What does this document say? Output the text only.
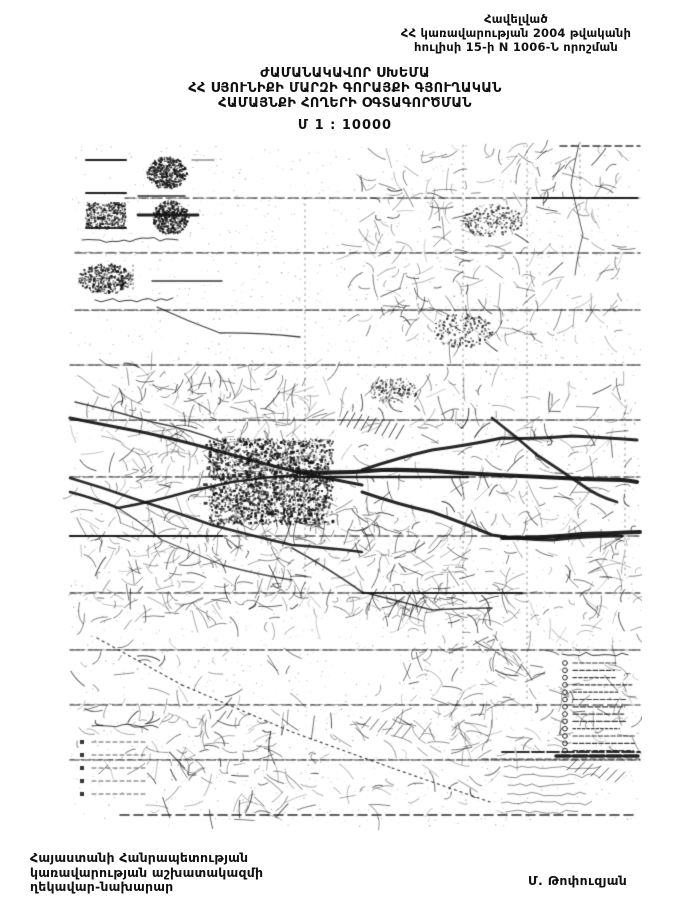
Հավելված
ՀՀ կառավարության 2004 թվականի
հուլիսի 15-ի N 1006-Ն որոշման
ԺԱՄԱՆԱԿԱՎՈՐ ՍԽԵՄԱ
ՀՀ ՍՅՈՒՆԻՔԻ ՄԱՐԶԻ ԳՈՐԱՅՔԻ ԳՅՈՒՂԱԿԱՆ
ՀԱՄԱՅՆՔԻ ՀՈՂԵՐԻ ՕԳՏԱԳՈՐԾՄԱՆ
Մ 1 : 10000
Հայաստանի Հանրապետության
կառավարության աշխատակազմի
ղեկավար-նախարար	Մ. Թոփուզյան
